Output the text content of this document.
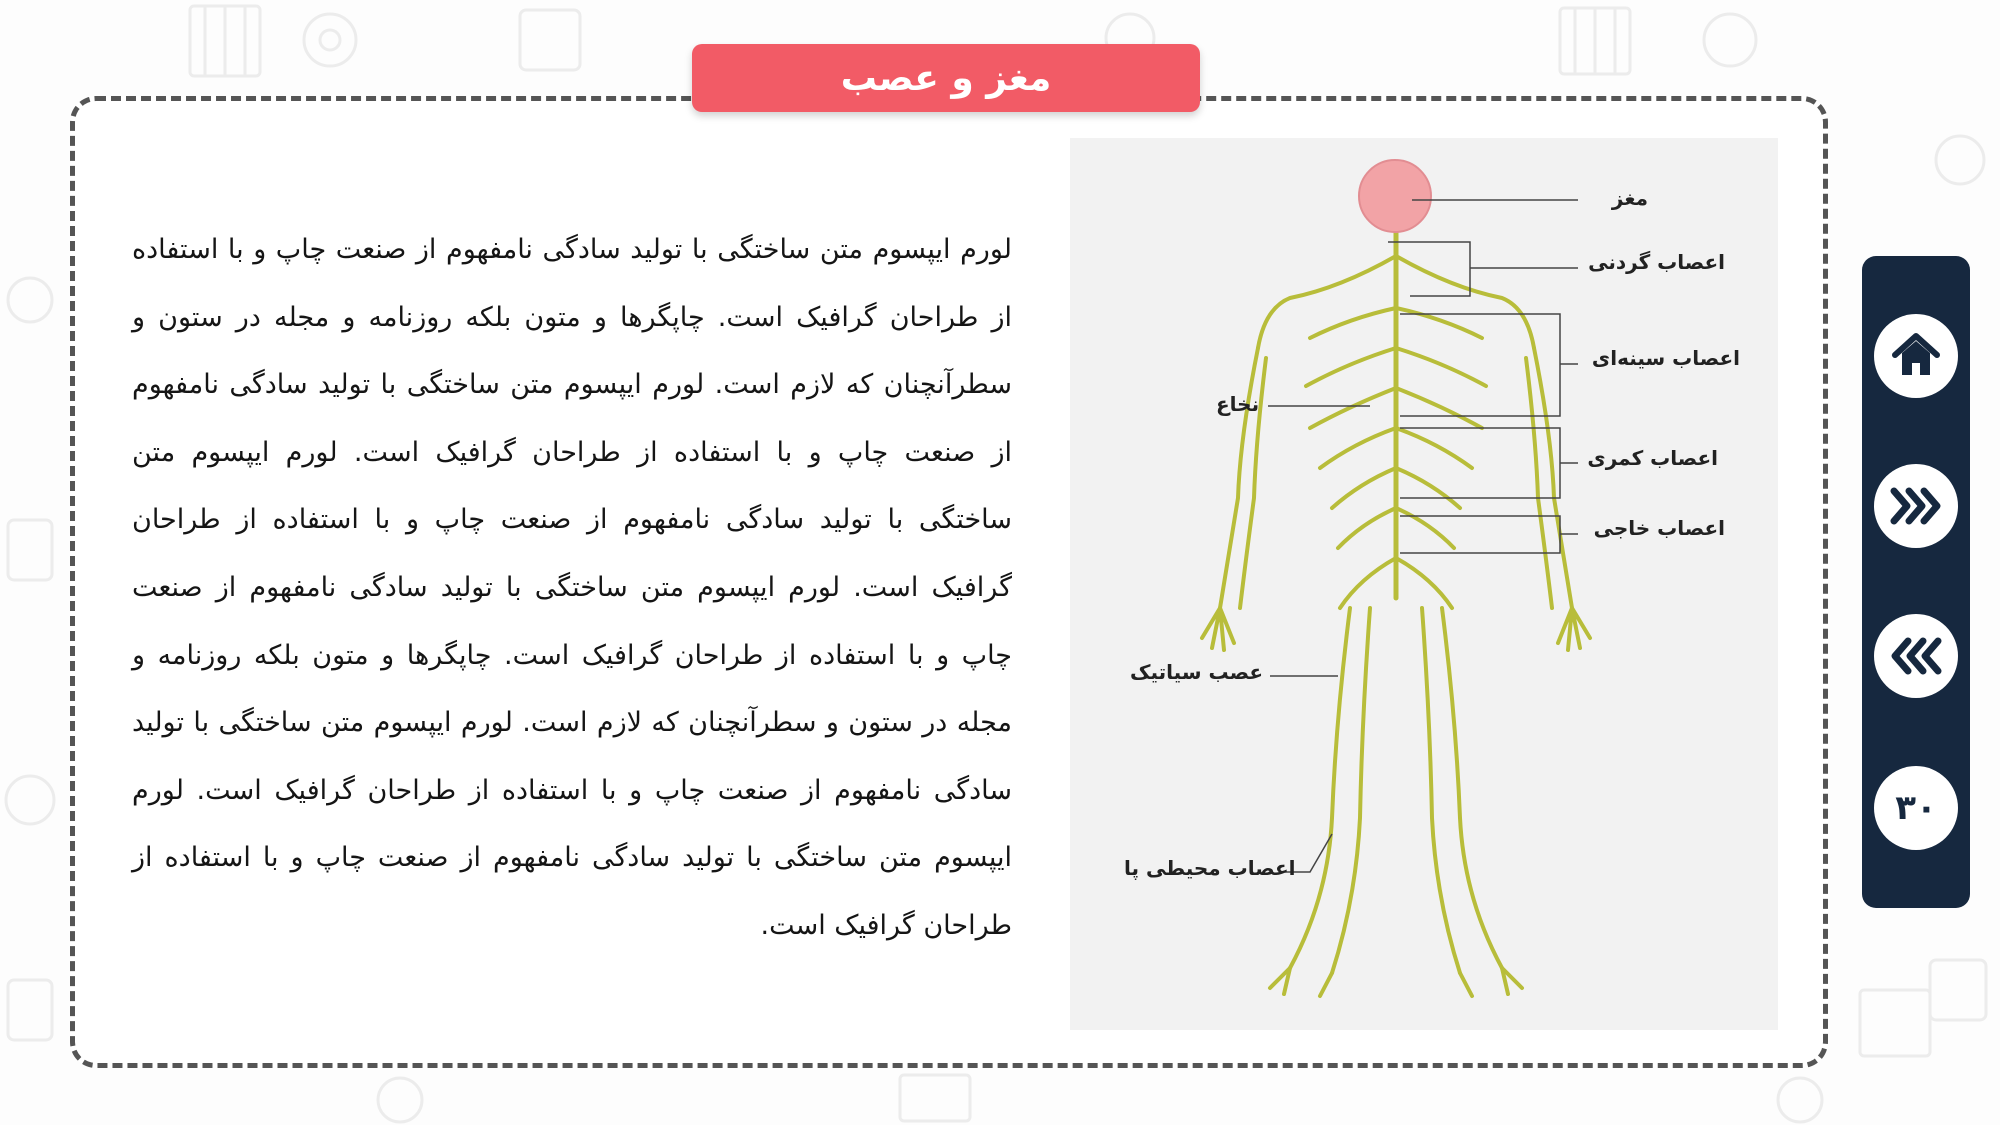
مغز و عصب
لورم ایپسوم متن ساختگی با تولید سادگی نامفهوم از صنعت چاپ و با استفاده از طراحان گرافیک است. چاپگرها و متون بلکه روزنامه و مجله در ستون و سطرآنچنان که لازم است. لورم ایپسوم متن ساختگی با تولید سادگی نامفهوم از صنعت چاپ و با استفاده از طراحان گرافیک است. لورم ایپسوم متن ساختگی با تولید سادگی نامفهوم از صنعت چاپ و با استفاده از طراحان گرافیک است. لورم ایپسوم متن ساختگی با تولید سادگی نامفهوم از صنعت چاپ و با استفاده از طراحان گرافیک است. چاپگرها و متون بلکه روزنامه و مجله در ستون و سطرآنچنان که لازم است. لورم ایپسوم متن ساختگی با تولید سادگی نامفهوم از صنعت چاپ و با استفاده از طراحان گرافیک است. لورم ایپسوم متن ساختگی با تولید سادگی نامفهوم از صنعت چاپ و با استفاده از طراحان گرافیک است.
مغز
اعصاب گردنی
اعصاب سینه‌ای
نخاع
اعصاب کمری
اعصاب خاجی
عصب سیاتیک
اعصاب محیطی پا
۳۰
